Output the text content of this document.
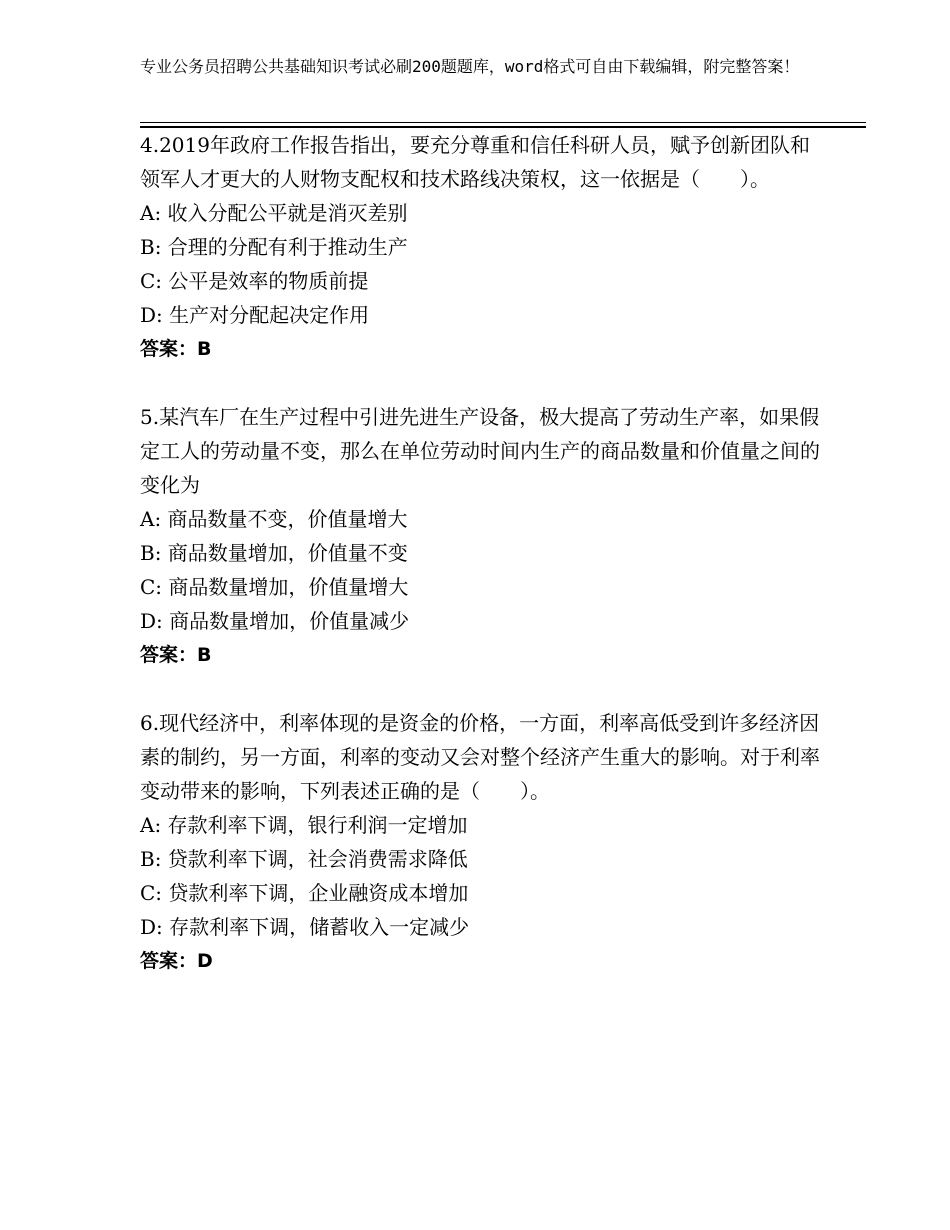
专业公务员招聘公共基础知识考试必刷200题题库，word格式可自由下载编辑，附完整答案！

4.2019年政府工作报告指出，要充分尊重和信任科研人员，赋予创新团队和领军人才更大的人财物支配权和技术路线决策权，这一依据是（　　）。

A: 收入分配公平就是消灭差别

B: 合理的分配有利于推动生产

C: 公平是效率的物质前提

D: 生产对分配起决定作用

答案：B

5.某汽车厂在生产过程中引进先进生产设备，极大提高了劳动生产率，如果假定工人的劳动量不变，那么在单位劳动时间内生产的商品数量和价值量之间的变化为

A: 商品数量不变，价值量增大

B: 商品数量增加，价值量不变

C: 商品数量增加，价值量增大

D: 商品数量增加，价值量减少

答案：B

6.现代经济中，利率体现的是资金的价格，一方面，利率高低受到许多经济因素的制约，另一方面，利率的变动又会对整个经济产生重大的影响。对于利率变动带来的影响，下列表述正确的是（　　）。

A: 存款利率下调，银行利润一定增加

B: 贷款利率下调，社会消费需求降低

C: 贷款利率下调，企业融资成本增加

D: 存款利率下调，储蓄收入一定减少

答案：D
